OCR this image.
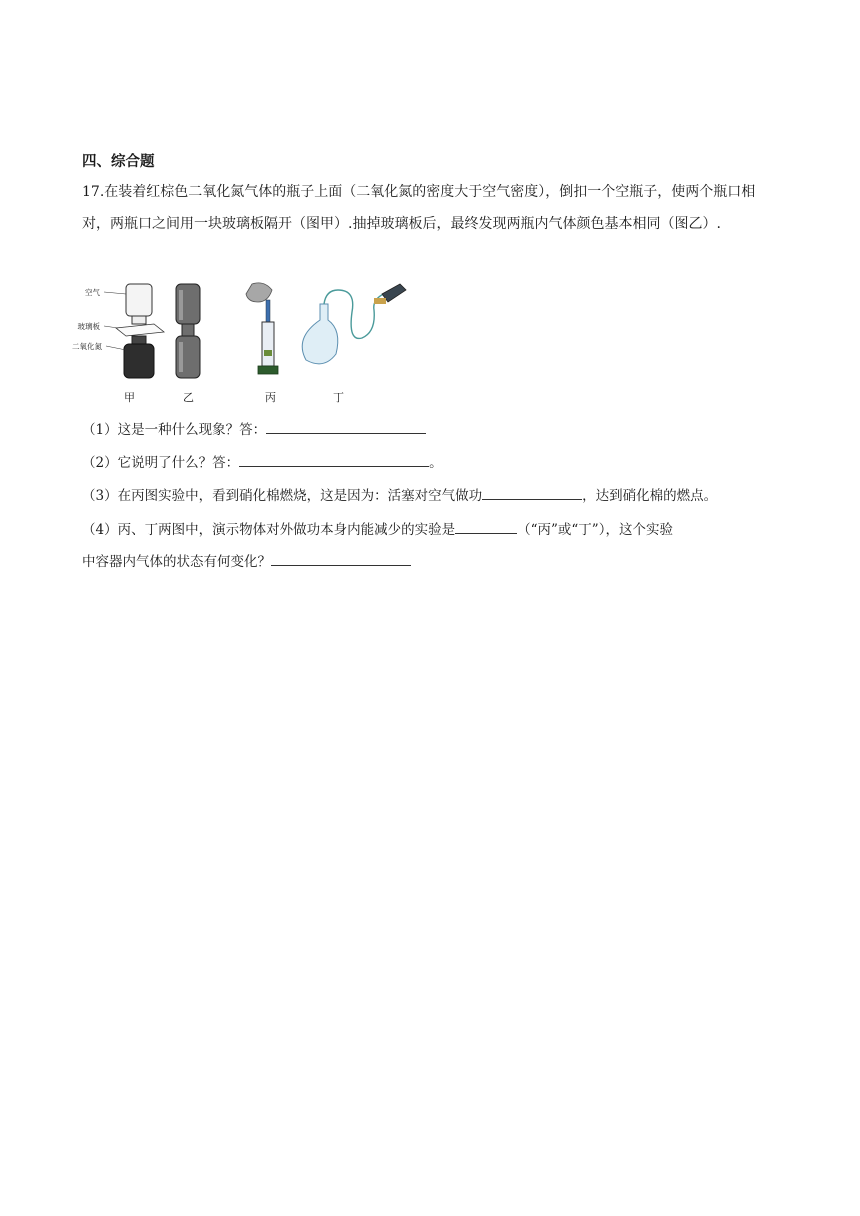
四、综合题
17.在装着红棕色二氧化氮气体的瓶子上面（二氧化氮的密度大于空气密度），倒扣一个空瓶子，使两个瓶口相对，两瓶口之间用一块玻璃板隔开（图甲）.抽掉玻璃板后，最终发现两瓶内气体颜色基本相同（图乙）.
空气
玻璃板
二氧化氮
甲	乙	丙	丁
（1）这是一种什么现象？答：
（2）它说明了什么？答：	。
（3）在丙图实验中，看到硝化棉燃烧，这是因为：活塞对空气做功	，达到硝化棉的燃点。
（4）丙、丁两图中，演示物体对外做功本身内能减少的实验是	（“丙”或“丁”），这个实验
中容器内气体的状态有何变化？
